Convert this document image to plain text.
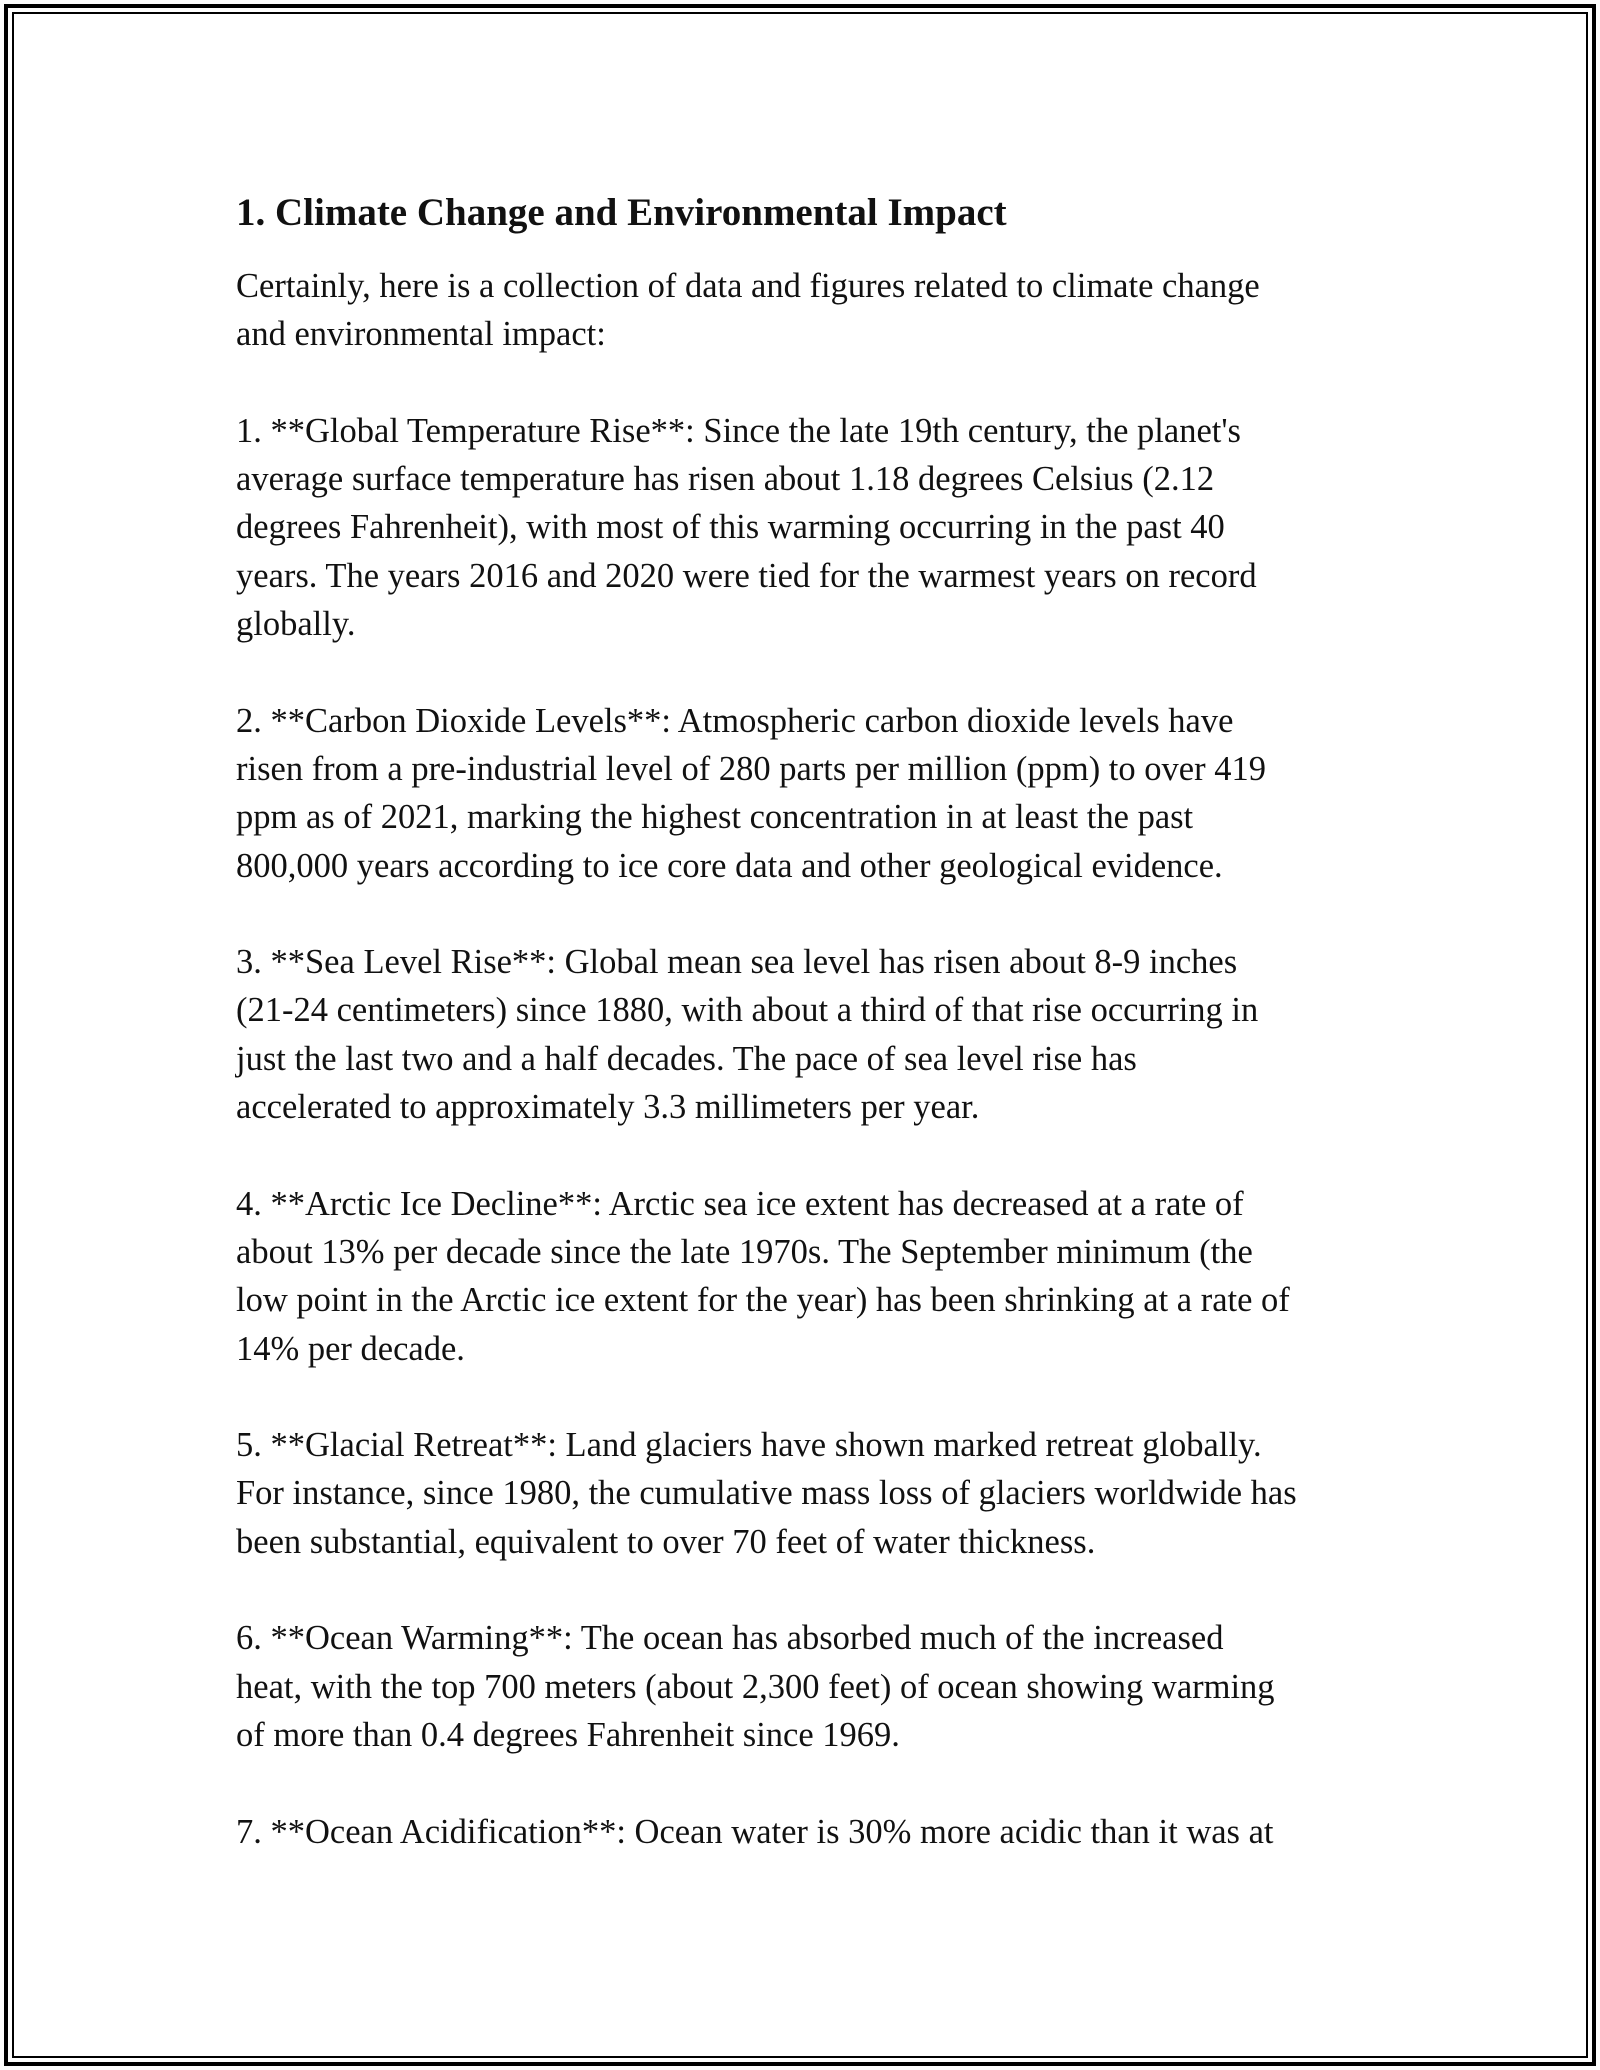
1. Climate Change and Environmental Impact

Certainly, here is a collection of data and figures related to climate change
and environmental impact:

1. **Global Temperature Rise**: Since the late 19th century, the planet's
average surface temperature has risen about 1.18 degrees Celsius (2.12
degrees Fahrenheit), with most of this warming occurring in the past 40
years. The years 2016 and 2020 were tied for the warmest years on record
globally.

2. **Carbon Dioxide Levels**: Atmospheric carbon dioxide levels have
risen from a pre-industrial level of 280 parts per million (ppm) to over 419
ppm as of 2021, marking the highest concentration in at least the past
800,000 years according to ice core data and other geological evidence.

3. **Sea Level Rise**: Global mean sea level has risen about 8-9 inches
(21-24 centimeters) since 1880, with about a third of that rise occurring in
just the last two and a half decades. The pace of sea level rise has
accelerated to approximately 3.3 millimeters per year.

4. **Arctic Ice Decline**: Arctic sea ice extent has decreased at a rate of
about 13% per decade since the late 1970s. The September minimum (the
low point in the Arctic ice extent for the year) has been shrinking at a rate of
14% per decade.

5. **Glacial Retreat**: Land glaciers have shown marked retreat globally.
For instance, since 1980, the cumulative mass loss of glaciers worldwide has
been substantial, equivalent to over 70 feet of water thickness.

6. **Ocean Warming**: The ocean has absorbed much of the increased
heat, with the top 700 meters (about 2,300 feet) of ocean showing warming
of more than 0.4 degrees Fahrenheit since 1969.

7. **Ocean Acidification**: Ocean water is 30% more acidic than it was at
